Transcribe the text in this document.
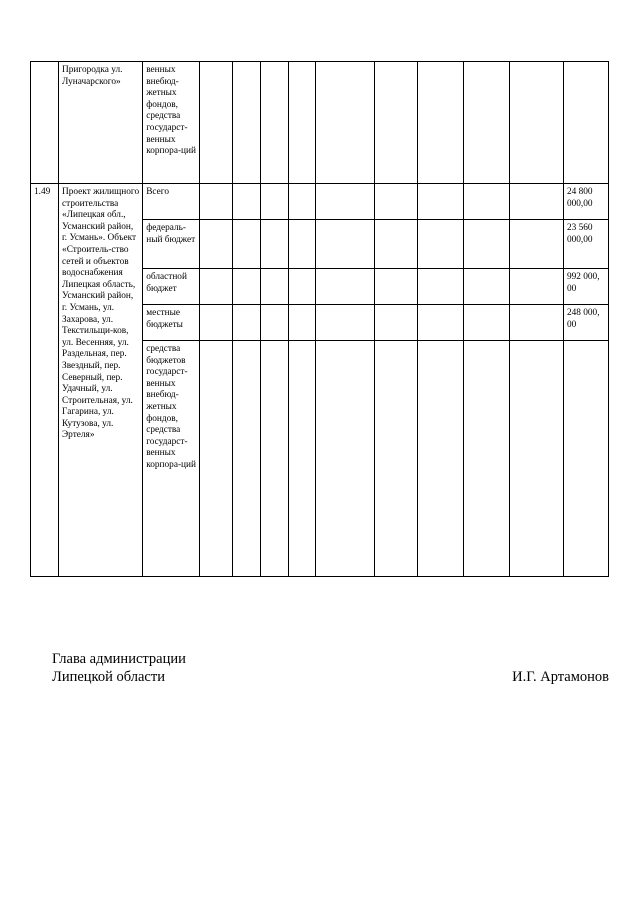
	Пригородка ул. Луначарского»	венных внебюд-жетных фондов, средства государст-венных корпора-ций										
1.49	Проект жилищного строительства «Липецкая обл., Усманский район, г. Усмань». Объект «Строитель-ство сетей и объектов водоснабжения Липецкая область, Усманский район, г. Усмань, ул. Захарова, ул. Текстильщи-ков, ул. Весенняя, ул. Раздельная, пер. Звездный, пер. Северный, пер. Удачный, ул. Строительная, ул. Гагарина, ул. Кутузова, ул. Эртеля»	Всего										24 800 000,00
		федераль-ный бюджет										23 560 000,00
		областной бюджет										992 000, 00
		местные бюджеты										248 000, 00
		средства бюджетов государст-венных внебюд-жетных фондов, средства государст-венных корпора-ций										
Глава администрации
Липецкой области	И.Г. Артамонов
